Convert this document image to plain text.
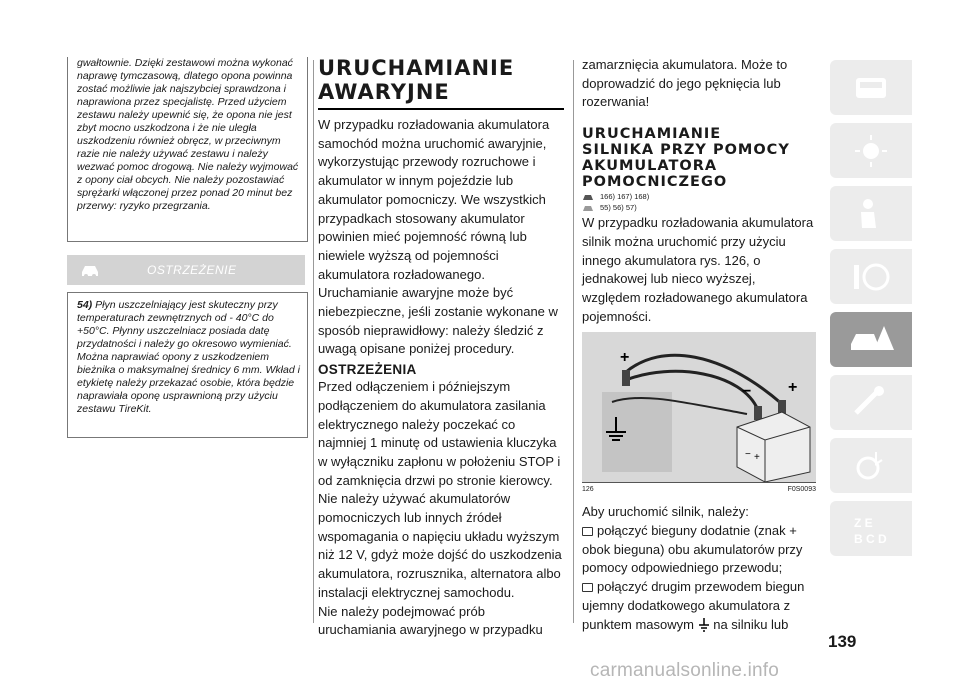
gwałtownie. Dzięki zestawowi można wykonać naprawę tymczasową, dlatego opona powinna zostać możliwie jak najszybciej sprawdzona i naprawiona przez specjalistę. Przed użyciem zestawu należy upewnić się, że opona nie jest zbyt mocno uszkodzona i że nie uległa uszkodzeniu również obręcz, w przeciwnym razie nie należy używać zestawu i należy wezwać pomoc drogową. Nie należy wyjmować z opony ciał obcych. Nie należy pozostawiać sprężarki włączonej przez ponad 20 minut bez przerwy: ryzyko przegrzania.

OSTRZEŻENIE

54) Płyn uszczelniający jest skuteczny przy temperaturach zewnętrznych od - 40°C do +50°C. Płynny uszczelniacz posiada datę przydatności i należy go okresowo wymieniać. Można naprawiać opony z uszkodzeniem bieżnika o maksymalnej średnicy 6 mm. Wkład i etykietę należy przekazać osobie, która będzie naprawiała oponę usprawnioną przy użyciu zestawu TireKit.

URUCHAMIANIE
AWARYJNE

W przypadku rozładowania akumulatora samochód można uruchomić awaryjnie, wykorzystując przewody rozruchowe i akumulator w innym pojeździe lub akumulator pomocniczy. We wszystkich przypadkach stosowany akumulator powinien mieć pojemność równą lub niewiele wyższą od pojemności akumulatora rozładowanego. Uruchamianie awaryjne może być niebezpieczne, jeśli zostanie wykonane w sposób nieprawidłowy: należy śledzić z uwagą opisane poniżej procedury.

OSTRZEŻENIA

Przed odłączeniem i późniejszym podłączeniem do akumulatora zasilania elektrycznego należy poczekać co najmniej 1 minutę od ustawienia kluczyka w wyłączniku zapłonu w położeniu STOP i od zamknięcia drzwi po stronie kierowcy.

Nie należy używać akumulatorów pomocniczych lub innych źródeł wspomagania o napięciu układu wyższym niż 12 V, gdyż może dojść do uszkodzenia akumulatora, rozrusznika, alternatora albo instalacji elektrycznej samochodu.

Nie należy podejmować prób uruchamiania awaryjnego w przypadku

zamarznięcia akumulatora. Może to doprowadzić do jego pęknięcia lub rozerwania!

URUCHAMIANIE
SILNIKA PRZY POMOCY
AKUMULATORA
POMOCNICZEGO
166) 167) 168)
55) 56) 57)

W przypadku rozładowania akumulatora silnik można uruchomić przy użyciu innego akumulatora rys. 126, o jednakowej lub nieco wyższej, względem rozładowanego akumulatora pojemności.

+
− +
− +
126	F0S0093

Aby uruchomić silnik, należy:

połączyć bieguny dodatnie (znak + obok bieguna) obu akumulatorów przy pomocy odpowiedniego przewodu;

połączyć drugim przewodem biegun ujemny dodatkowego akumulatora z punktem masowym na silniku lub

Z E
B C D
139
carmanualsonline.info
